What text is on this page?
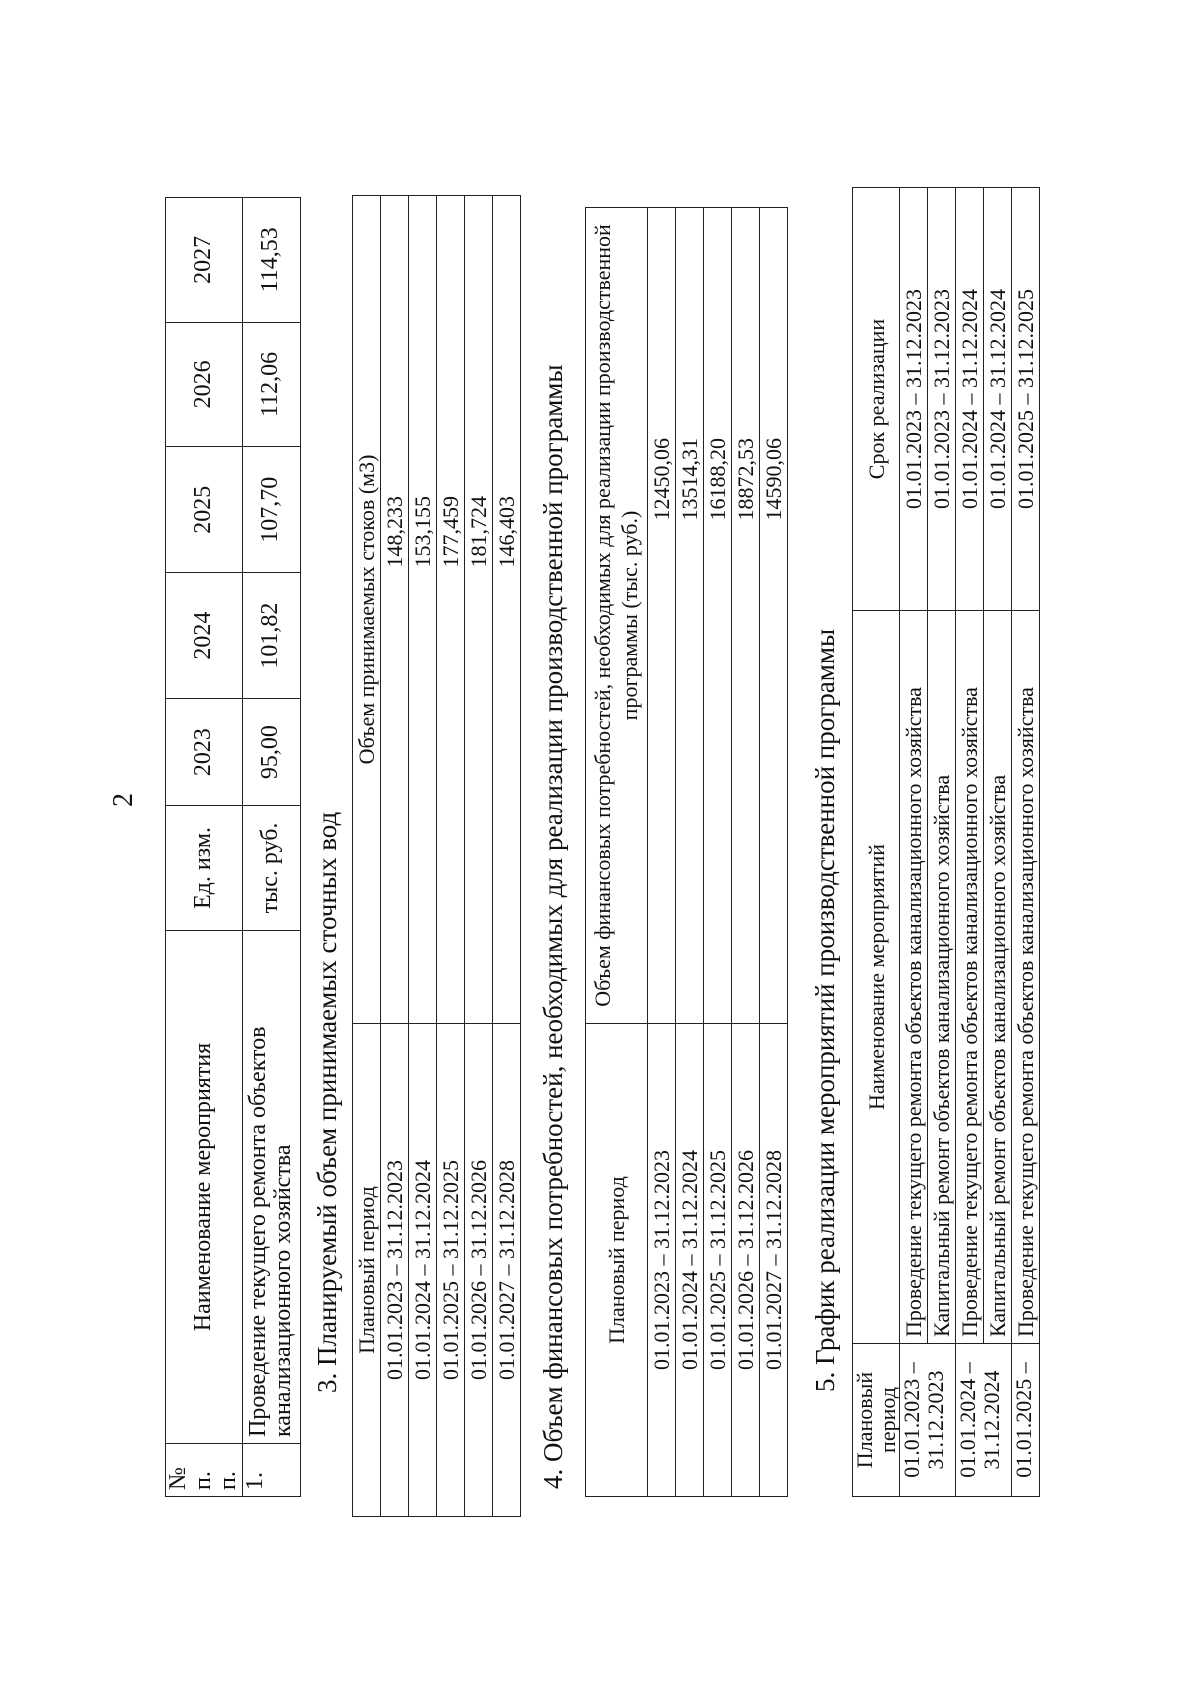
2
№ п. п.	Наименование мероприятия	Ед. изм.	2023	2024	2025	2026	2027
1.	Проведение текущего ремонта объектов канализационного хозяйства	тыс. руб.	95,00	101,82	107,70	112,06	114,53
3. Планируемый объем принимаемых сточных вод Плановый период	Объем принимаемых стоков (м3)
01.01.2023 – 31.12.2023	148,233
01.01.2024 – 31.12.2024	153,155
01.01.2025 – 31.12.2025	177,459
01.01.2026 – 31.12.2026	181,724
01.01.2027 – 31.12.2028	146,403 4. Объем финансовых потребностей, необходимых для реализации производственной программы Плановый период	Объем финансовых потребностей, необходимых для реализации производственной программы (тыс. руб.)
01.01.2023 – 31.12.2023	12450,06
01.01.2024 – 31.12.2024	13514,31
01.01.2025 – 31.12.2025	16188,20
01.01.2026 – 31.12.2026	18872,53
01.01.2027 – 31.12.2028	14590,06
5. График реализации мероприятий производственной программы
Плановый период	Наименование мероприятий	Срок реализации
01.01.2023 –
31.12.2023	Проведение текущего ремонта объектов канализационного хозяйства	01.01.2023 – 31.12.2023
	Капитальный ремонт объектов канализационного хозяйства	01.01.2023 – 31.12.2023
01.01.2024 –
31.12.2024	Проведение текущего ремонта объектов канализационного хозяйства	01.01.2024 – 31.12.2024
	Капитальный ремонт объектов канализационного хозяйства	01.01.2024 – 31.12.2024
01.01.2025 –	Проведение текущего ремонта объектов канализационного хозяйства	01.01.2025 – 31.12.2025
